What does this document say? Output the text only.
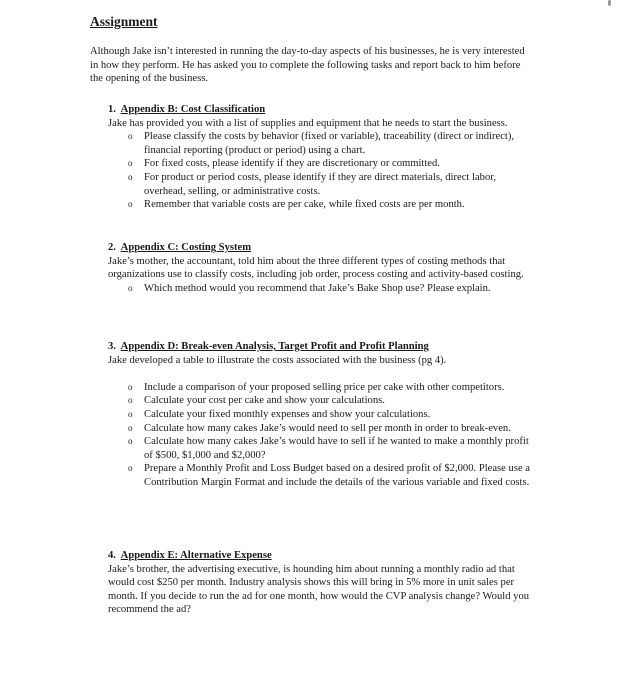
Assignment
Although Jake isn’t interested in running the day-to-day aspects of his businesses, he is very interested in how they perform. He has asked you to complete the following tasks and report back to him before the opening of the business.
1. Appendix B: Cost Classification
Jake has provided you with a list of supplies and equipment that he needs to start the business.
o Please classify the costs by behavior (fixed or variable), traceability (direct or indirect), financial reporting (product or period) using a chart.
o For fixed costs, please identify if they are discretionary or committed.
o For product or period costs, please identify if they are direct materials, direct labor, overhead, selling, or administrative costs.
o Remember that variable costs are per cake, while fixed costs are per month.
2. Appendix C: Costing System
Jake’s mother, the accountant, told him about the three different types of costing methods that organizations use to classify costs, including job order, process costing and activity-based costing.
o Which method would you recommend that Jake’s Bake Shop use? Please explain.
3. Appendix D: Break-even Analysis, Target Profit and Profit Planning
Jake developed a table to illustrate the costs associated with the business (pg 4).
o Include a comparison of your proposed selling price per cake with other competitors.
o Calculate your cost per cake and show your calculations.
o Calculate your fixed monthly expenses and show your calculations.
o Calculate how many cakes Jake’s would need to sell per month in order to break-even.
o Calculate how many cakes Jake’s would have to sell if he wanted to make a monthly profit of $500, $1,000 and $2,000?
o Prepare a Monthly Profit and Loss Budget based on a desired profit of $2,000. Please use a Contribution Margin Format and include the details of the various variable and fixed costs.
4. Appendix E: Alternative Expense
Jake’s brother, the advertising executive, is hounding him about running a monthly radio ad that would cost $250 per month. Industry analysis shows this will bring in 5% more in unit sales per month. If you decide to run the ad for one month, how would the CVP analysis change? Would you recommend the ad?
